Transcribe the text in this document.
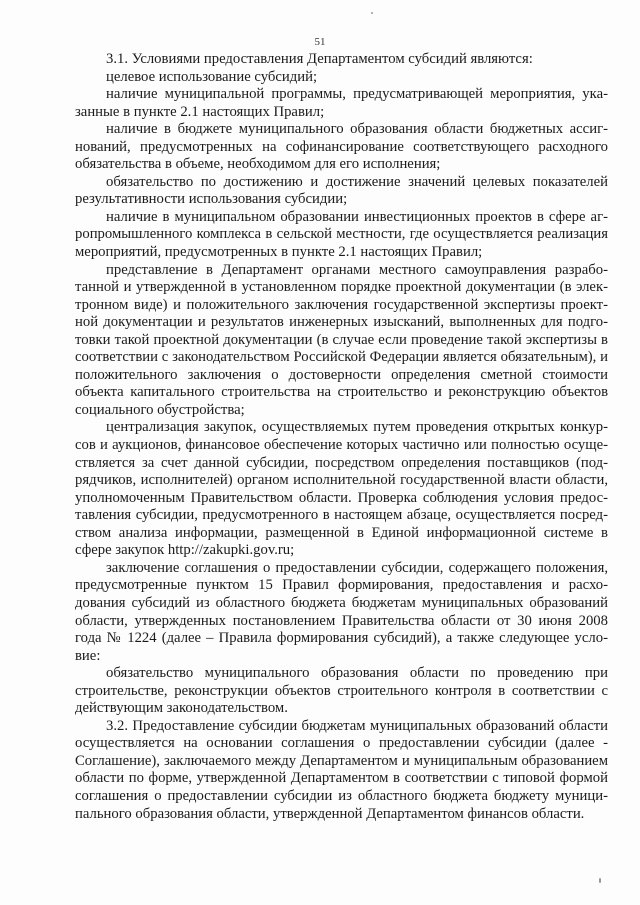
51

3.1. Условиями предоставления Департаментом субсидий являются:

целевое использование субсидий;

наличие муниципальной программы, предусматривающей мероприятия, указанные в пункте 2.1 настоящих Правил;

наличие в бюджете муниципального образования области бюджетных ассигнований, предусмотренных на софинансирование соответствующего расходного обязательства в объеме, необходимом для его исполнения;

обязательство по достижению и достижение значений целевых показателей результативности использования субсидии;

наличие в муниципальном образовании инвестиционных проектов в сфере агропромышленного комплекса в сельской местности, где осуществляется реализация мероприятий, предусмотренных в пункте 2.1 настоящих Правил;

представление в Департамент органами местного самоуправления разработанной и утвержденной в установленном порядке проектной документации (в электронном виде) и положительного заключения государственной экспертизы проектной документации и результатов инженерных изысканий, выполненных для подготовки такой проектной документации (в случае если проведение такой экспертизы в соответствии с законодательством Российской Федерации является обязательным), и положительного заключения о достоверности определения сметной стоимости объекта капитального строительства на строительство и реконструкцию объектов социального обустройства;

централизация закупок, осуществляемых путем проведения открытых конкурсов и аукционов, финансовое обеспечение которых частично или полностью осуществляется за счет данной субсидии, посредством определения поставщиков (подрядчиков, исполнителей) органом исполнительной государственной власти области, уполномоченным Правительством области. Проверка соблюдения условия предоставления субсидии, предусмотренного в настоящем абзаце, осуществляется посредством анализа информации, размещенной в Единой информационной системе в сфере закупок http://zakupki.gov.ru;

заключение соглашения о предоставлении субсидии, содержащего положения, предусмотренные пунктом 15 Правил формирования, предоставления и расходования субсидий из областного бюджета бюджетам муниципальных образований области, утвержденных постановлением Правительства области от 30 июня 2008 года № 1224 (далее – Правила формирования субсидий), а также следующее условие:

обязательство муниципального образования области по проведению при строительстве, реконструкции объектов строительного контроля в соответствии с действующим законодательством.

3.2. Предоставление субсидии бюджетам муниципальных образований области осуществляется на основании соглашения о предоставлении субсидии (далее - Соглашение), заключаемого между Департаментом и муниципальным образованием области по форме, утвержденной Департаментом в соответствии с типовой формой соглашения о предоставлении субсидии из областного бюджета бюджету муниципального образования области, утвержденной Департаментом финансов области.
